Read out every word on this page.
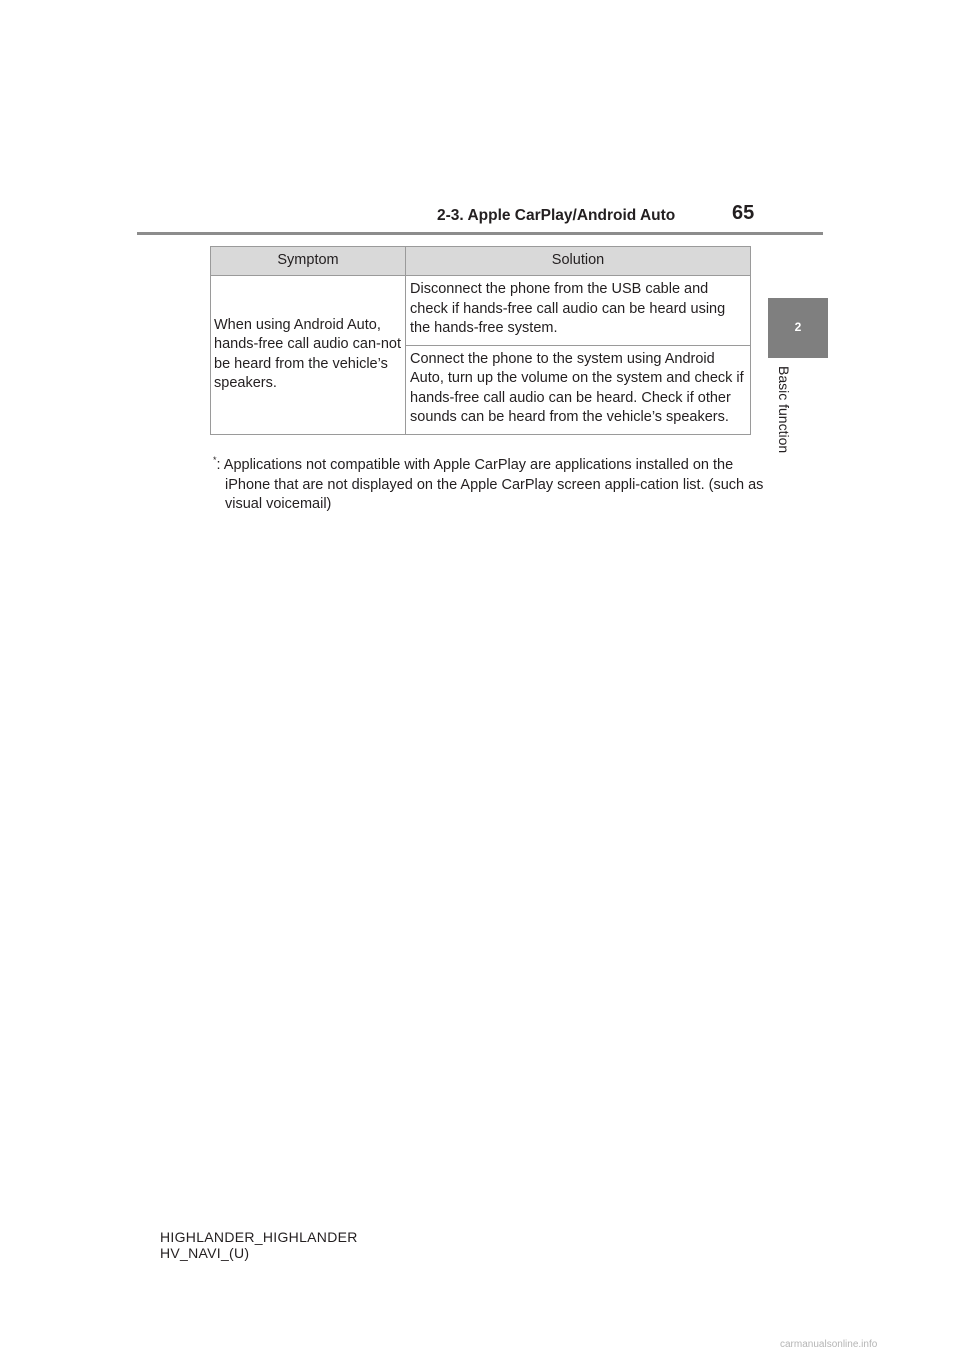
2-3. Apple CarPlay/Android Auto	65
2
Basic function
Symptom	Solution
When using Android Auto, hands-free call audio can-not be heard from the vehicle’s speakers.	Disconnect the phone from the USB cable and check if hands-free call audio can be heard using the hands-free system.
	Connect the phone to the system using Android Auto, turn up the volume on the system and check if hands-free call audio can be heard. Check if other sounds can be heard from the vehicle’s speakers.
*: Applications not compatible with Apple CarPlay are applications installed on the iPhone that are not displayed on the Apple CarPlay screen appli-cation list. (such as visual voicemail)
HIGHLANDER_HIGHLANDER
HV_NAVI_(U)
carmanualsonline.info
